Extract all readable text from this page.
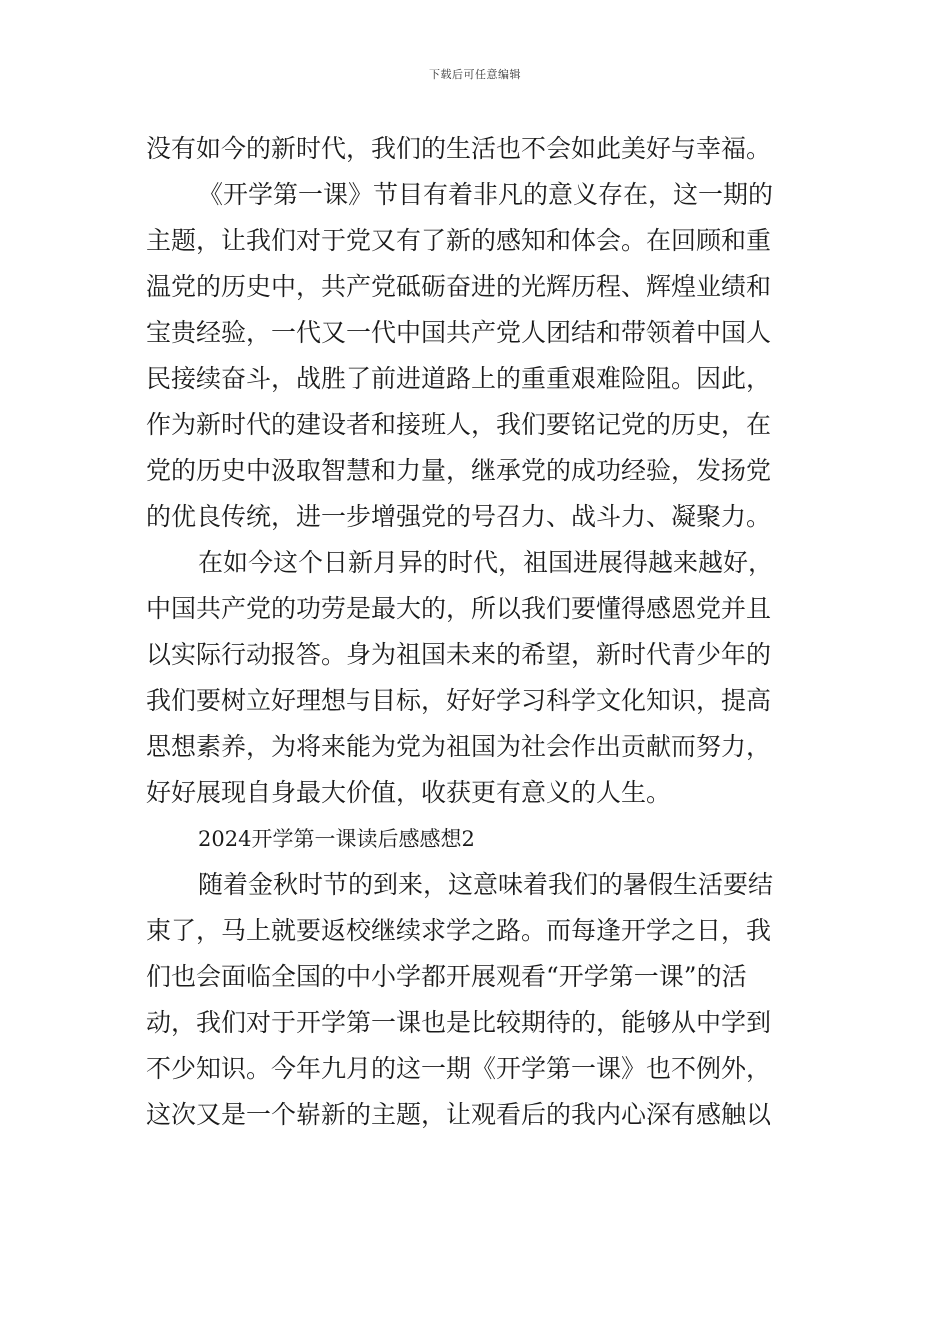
下载后可任意编辑
没有如今的新时代，我们的生活也不会如此美好与幸福。
《开学第一课》节目有着非凡的意义存在，这一期的
主题，让我们对于党又有了新的感知和体会。在回顾和重
温党的历史中，共产党砥砺奋进的光辉历程、辉煌业绩和
宝贵经验，一代又一代中国共产党人团结和带领着中国人
民接续奋斗，战胜了前进道路上的重重艰难险阻。因此，
作为新时代的建设者和接班人，我们要铭记党的历史，在
党的历史中汲取智慧和力量，继承党的成功经验，发扬党
的优良传统，进一步增强党的号召力、战斗力、凝聚力。
在如今这个日新月异的时代，祖国进展得越来越好，
中国共产党的功劳是最大的，所以我们要懂得感恩党并且
以实际行动报答。身为祖国未来的希望，新时代青少年的
我们要树立好理想与目标，好好学习科学文化知识，提高
思想素养，为将来能为党为祖国为社会作出贡献而努力，
好好展现自身最大价值，收获更有意义的人生。
2024开学第一课读后感感想2
随着金秋时节的到来，这意味着我们的暑假生活要结
束了，马上就要返校继续求学之路。而每逢开学之日，我
们也会面临全国的中小学都开展观看“开学第一课”的活
动，我们对于开学第一课也是比较期待的，能够从中学到
不少知识。今年九月的这一期《开学第一课》也不例外，
这次又是一个崭新的主题，让观看后的我内心深有感触以
